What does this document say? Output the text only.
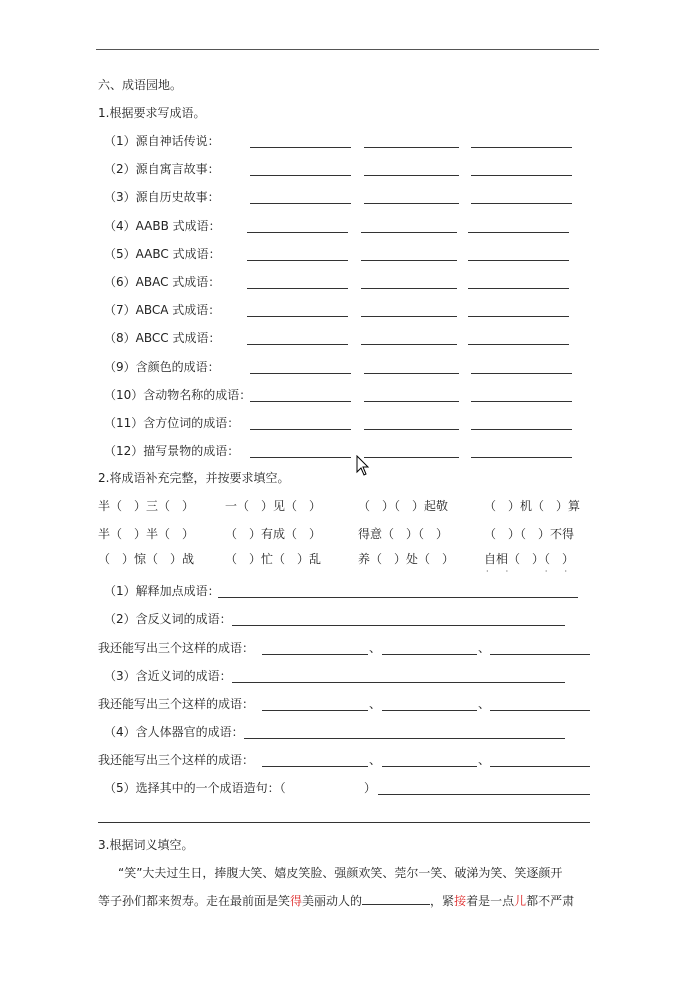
六、成语园地。
1.根据要求写成语。
（1）源自神话传说：
（2）源自寓言故事：
（3）源自历史故事：
（4）AABB 式成语：
（5）AABC 式成语：
（6）ABAC 式成语：
（7）ABCA 式成语：
（8）ABCC 式成语：
（9）含颜色的成语：
（10）含动物名称的成语：
（11）含方位词的成语：
（12）描写景物的成语：
2.将成语补充完整，并按要求填空。
半（　）三（　）	一（　）见（　）	（　）（　）起敬	（　）机（　）算
半（　）半（　）	（　）有成（　）	得意（　）（　）	（　）（　）不得
（　）惊（　）战	（　）忙（　）乱	养（　）处（　） 自相（　）（　）
·  ·     ·  ·
（1）解释加点成语：
（2）含反义词的成语：
我还能写出三个这样的成语：	、	、
（3）含近义词的成语：
我还能写出三个这样的成语：	、	、
（4）含人体器官的成语：
我还能写出三个这样的成语：	、	、
（5）选择其中的一个成语造句：（	）
3.根据词义填空。
“笑”大夫过生日，捧腹大笑、嬉皮笑脸、强颜欢笑、莞尔一笑、破涕为笑、笑逐颜开
等子孙们都来贺寿。走在最前面是笑得美丽动人的	，紧接着是一点儿都不严肃
